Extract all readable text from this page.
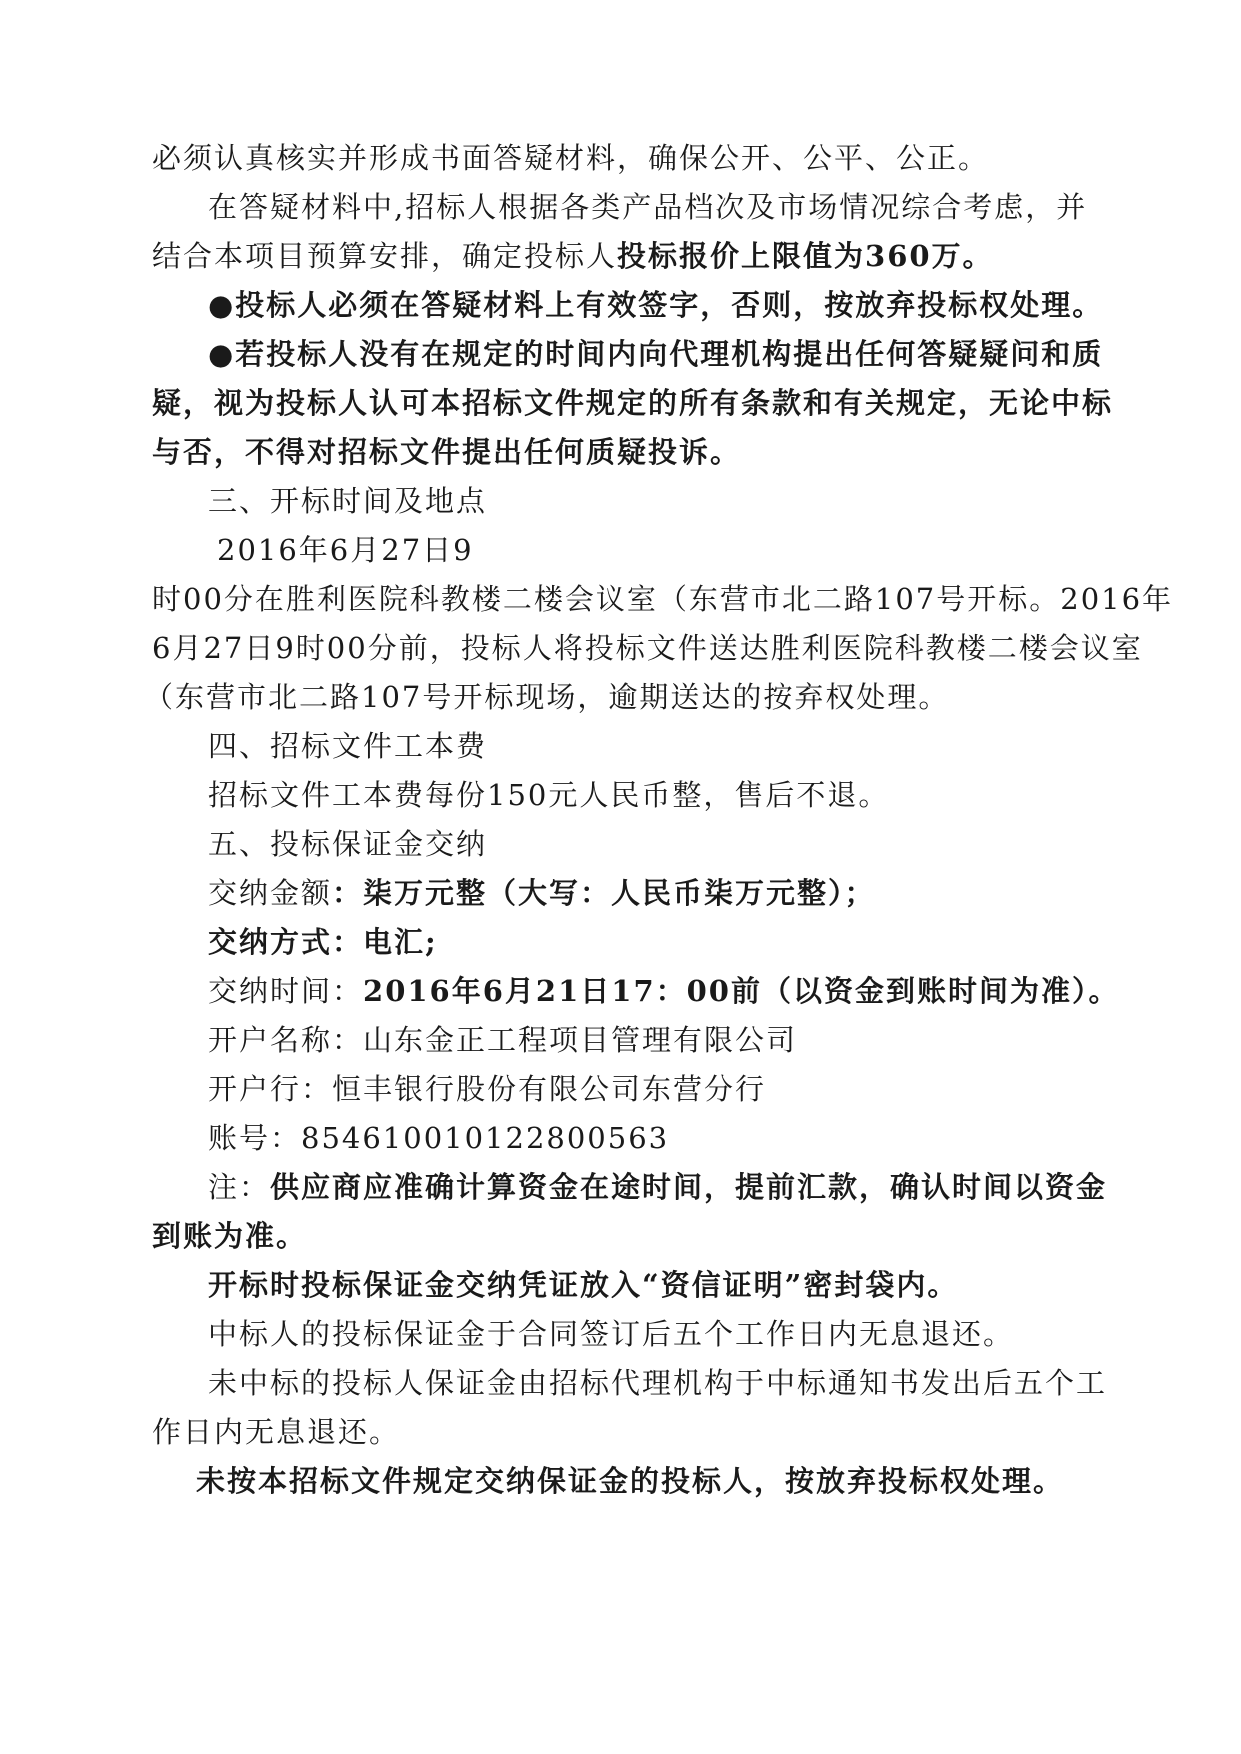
必须认真核实并形成书面答疑材料，确保公开、公平、公正。
在答疑材料中,招标人根据各类产品档次及市场情况综合考虑，并
结合本项目预算安排，确定投标人投标报价上限值为360万。
●投标人必须在答疑材料上有效签字，否则，按放弃投标权处理。
●若投标人没有在规定的时间内向代理机构提出任何答疑疑问和质
疑，视为投标人认可本招标文件规定的所有条款和有关规定，无论中标
与否，不得对招标文件提出任何质疑投诉。
三、开标时间及地点
2016年6月27日9
时00分在胜利医院科教楼二楼会议室（东营市北二路107号开标。2016年
6月27日9时00分前，投标人将投标文件送达胜利医院科教楼二楼会议室
（东营市北二路107号开标现场，逾期送达的按弃权处理。
四、招标文件工本费
招标文件工本费每份150元人民币整，售后不退。
五、投标保证金交纳
交纳金额：柒万元整（大写：人民币柒万元整）；
交纳方式：电汇;
交纳时间：2016年6月21日17：00前（以资金到账时间为准）。
开户名称：山东金正工程项目管理有限公司
开户行：恒丰银行股份有限公司东营分行
账号：854610010122800563
注：供应商应准确计算资金在途时间，提前汇款，确认时间以资金
到账为准。
开标时投标保证金交纳凭证放入“资信证明”密封袋内。
中标人的投标保证金于合同签订后五个工作日内无息退还。
未中标的投标人保证金由招标代理机构于中标通知书发出后五个工
作日内无息退还。
未按本招标文件规定交纳保证金的投标人，按放弃投标权处理。
